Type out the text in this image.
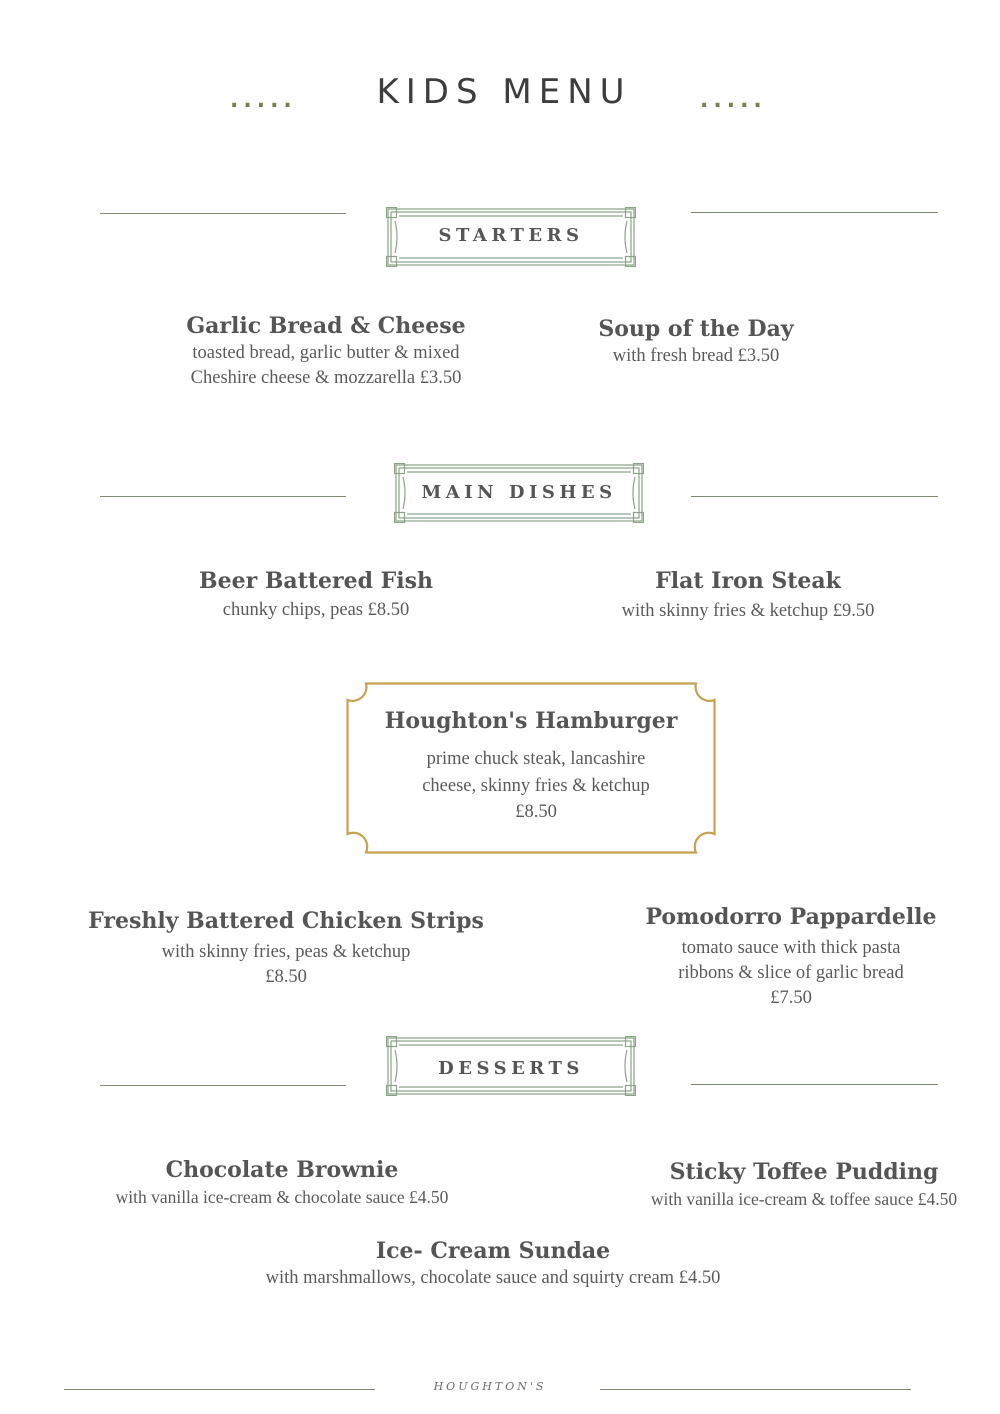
.....	KIDS MENU	.....
STARTERS
Garlic Bread & Cheese
toasted bread, garlic butter & mixed
Cheshire cheese & mozzarella £3.50
Soup of the Day
with fresh bread £3.50
MAIN DISHES
Beer Battered Fish
chunky chips, peas £8.50
Flat Iron Steak
with skinny fries & ketchup £9.50
Houghton's Hamburger
prime chuck steak, lancashire
cheese, skinny fries & ketchup
£8.50
Freshly Battered Chicken Strips
with skinny fries, peas & ketchup
£8.50
Pomodorro Pappardelle
tomato sauce with thick pasta
ribbons & slice of garlic bread
£7.50
DESSERTS
Chocolate Brownie
with vanilla ice-cream & chocolate sauce £4.50
Sticky Toffee Pudding
with vanilla ice-cream & toffee sauce £4.50
Ice- Cream Sundae
with marshmallows, chocolate sauce and squirty cream £4.50
HOUGHTON'S
